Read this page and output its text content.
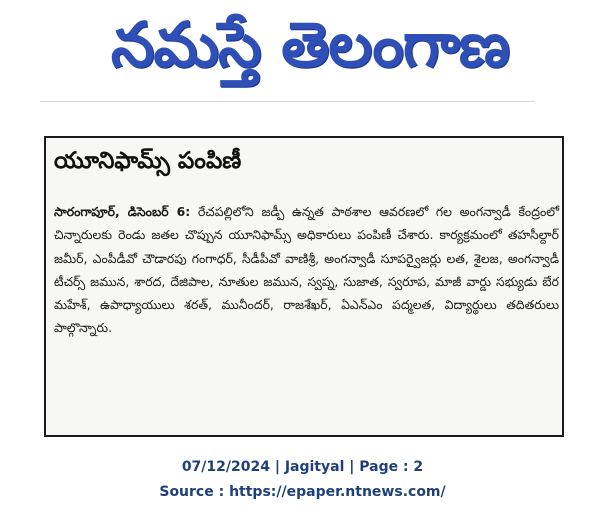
నమస్తే తెలంగాణ
యూనిఫామ్స్ పంపిణీ
సారంగాపూర్, డిసెంబర్ 6: రేచపల్లిలోని జడ్పీ ఉన్నత పాఠశాల ఆవరణలో గల అంగన్వాడీ కేంద్రంలో చిన్నారులకు రెండు జతల చొప్పున యూనిఫామ్స్ అధికారులు పంపిణీ చేశారు. కార్యక్రమంలో తహసీల్దార్ జమీర్, ఎంపీడీవో చౌడారపు గంగాధర్, సీడీపీవో వాణిశ్రీ, అంగన్వాడీ సూపర్వైజర్లు లత, శైలజ, అంగన్వాడీ టీచర్స్ జమున, శారద, దేజిపాల, నూతుల జమున, స్వప్న, సుజాత, స్వరూప, మాజీ వార్డు సభ్యుడు బేర మహేశ్, ఉపాధ్యాయులు శరత్, మునీందర్, రాజశేఖర్, ఏఎన్ఎం పద్మలత, విద్యార్థులు తదితరులు పాల్గొన్నారు.
07/12/2024 | Jagityal | Page : 2
Source : https://epaper.ntnews.com/
